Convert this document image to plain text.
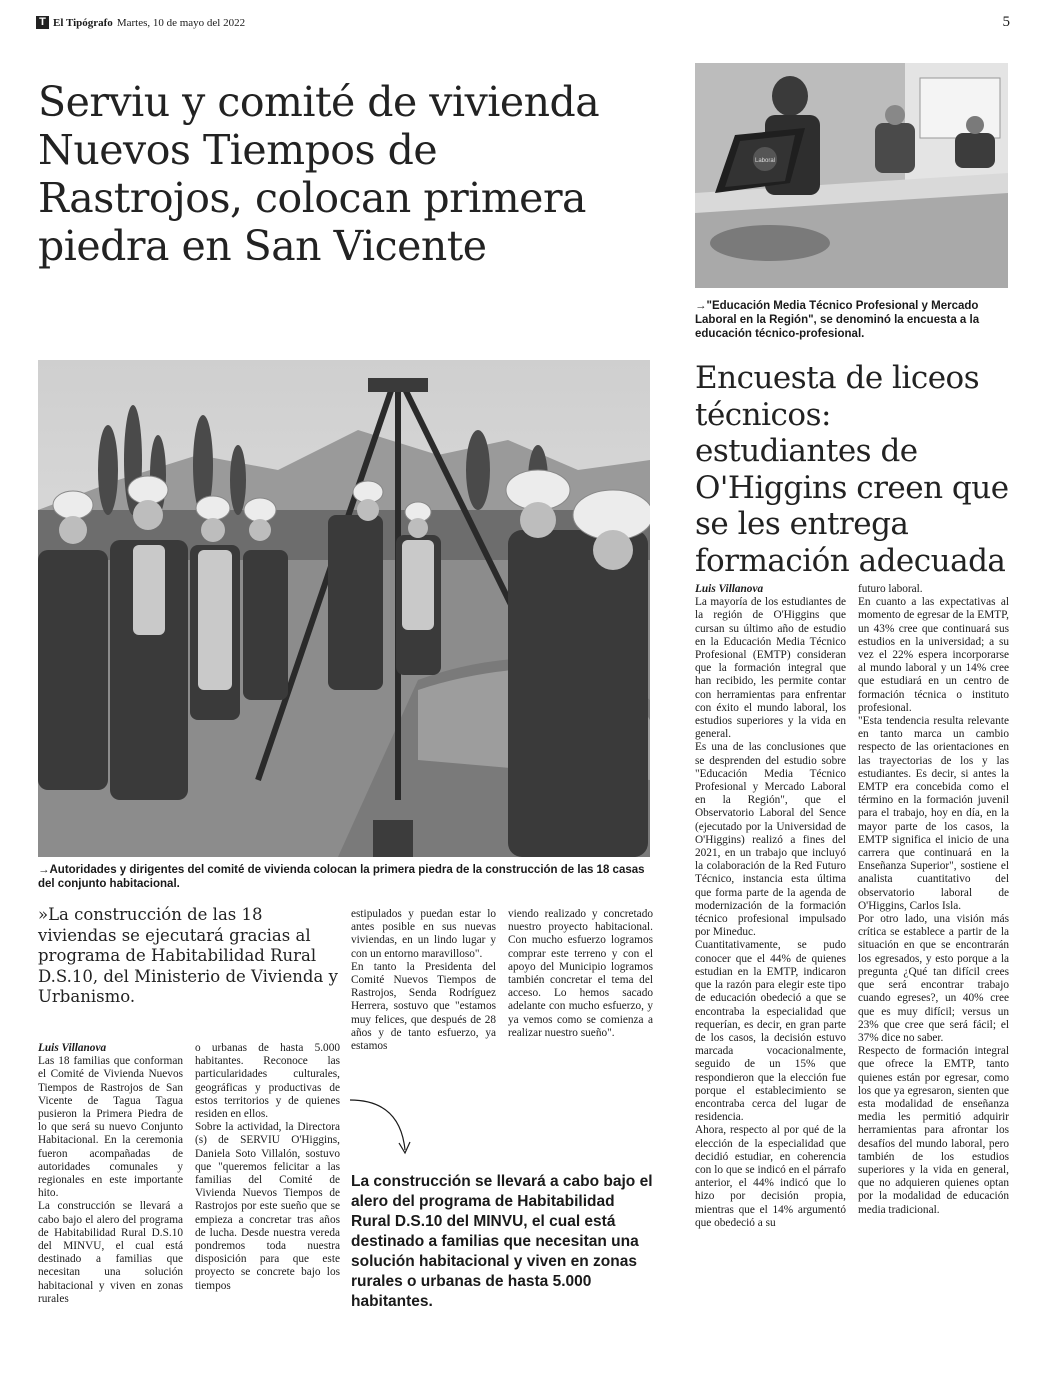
T El Tipógrafo Martes, 10 de mayo del 2022	5
Serviu y comité de vivienda Nuevos Tiempos de Rastrojos, colocan primera piedra en San Vicente
→Autoridades y dirigentes del comité de vivienda colocan la primera piedra de la construcción de las 18 casas del conjunto habitacional.
»La construcción de las 18 viviendas se ejecutará gracias al programa de Habitabilidad Rural D.S.10, del Ministerio de Vivienda y Urbanismo.

Luis Villanova

Las 18 familias que conforman el Comité de Vivienda Nuevos Tiempos de Rastrojos de San Vicente de Tagua Tagua pusieron la Primera Piedra de lo que será su nuevo Conjunto Habitacional. En la ceremonia fueron acompañadas de autoridades comunales y regionales en este importante hito.

La construcción se llevará a cabo bajo el alero del programa de Habitabilidad Rural D.S.10 del MINVU, el cual está destinado a familias que necesitan una solución habitacional y viven en zonas rurales

o urbanas de hasta 5.000 habitantes. Reconoce las particularidades culturales, geográficas y productivas de estos territorios y de quienes residen en ellos.

Sobre la actividad, la Directora (s) de SERVIU O'Higgins, Daniela Soto Villalón, sostuvo que "queremos felicitar a las familias del Comité de Vivienda Nuevos Tiempos de Rastrojos por este sueño que se empieza a concretar tras años de lucha. Desde nuestra vereda pondremos toda nuestra disposición para que este proyecto se concrete bajo los tiempos

estipulados y puedan estar lo antes posible en sus nuevas viviendas, en un lindo lugar y con un entorno maravilloso".

En tanto la Presidenta del Comité Nuevos Tiempos de Rastrojos, Senda Rodríguez Herrera, sostuvo que "estamos muy felices, que después de 28 años y de tanto esfuerzo, ya estamos

viendo realizado y concretado nuestro proyecto habitacional. Con mucho esfuerzo logramos comprar este terreno y con el apoyo del Municipio logramos también concretar el tema del acceso. Lo hemos sacado adelante con mucho esfuerzo, y ya vemos como se comienza a realizar nuestro sueño".

La construcción se llevará a cabo bajo el alero del programa de Habitabilidad Rural D.S.10 del MINVU, el cual está destinado a familias que necesitan una solución habitacional y viven en zonas rurales o urbanas de hasta 5.000 habitantes.
Laboral
→"Educación Media Técnico Profesional y Mercado Laboral en la Región", se denominó la encuesta a la educación técnico-profesional.
Encuesta de liceos técnicos: estudiantes de O'Higgins creen que se les entrega formación adecuada

Luis Villanova

La mayoría de los estudiantes de la región de O'Higgins que cursan su último año de estudio en la Educación Media Técnico Profesional (EMTP) consideran que la formación integral que han recibido, les permite contar con herramientas para enfrentar con éxito el mundo laboral, los estudios superiores y la vida en general.

Es una de las conclusiones que se desprenden del estudio sobre "Educación Media Técnico Profesional y Mercado Laboral en la Región", que el Observatorio Laboral del Sence (ejecutado por la Universidad de O'Higgins) realizó a fines del 2021, en un trabajo que incluyó la colaboración de la Red Futuro Técnico, instancia esta última que forma parte de la agenda de modernización de la formación técnico profesional impulsado por Mineduc.

Cuantitativamente, se pudo conocer que el 44% de quienes estudian en la EMTP, indicaron que la razón para elegir este tipo de educación obedeció a que se encontraba la especialidad que requerían, es decir, en gran parte de los casos, la decisión estuvo marcada vocacionalmente, seguido de un 15% que respondieron que la elección fue porque el establecimiento se encontraba cerca del lugar de residencia.

Ahora, respecto al por qué de la elección de la especialidad que decidió estudiar, en coherencia con lo que se indicó en el párrafo anterior, el 44% indicó que lo hizo por decisión propia, mientras que el 14% argumentó que obedeció a su

futuro laboral.

En cuanto a las expectativas al momento de egresar de la EMTP, un 43% cree que continuará sus estudios en la universidad; a su vez el 22% espera incorporarse al mundo laboral y un 14% cree que estudiará en un centro de formación técnica o instituto profesional.

"Esta tendencia resulta relevante en tanto marca un cambio respecto de las orientaciones en las trayectorias de los y las estudiantes. Es decir, si antes la EMTP era concebida como el término en la formación juvenil para el trabajo, hoy en día, en la mayor parte de los casos, la EMTP significa el inicio de una carrera que continuará en la Enseñanza Superior", sostiene el analista cuantitativo del observatorio laboral de O'Higgins, Carlos Isla.

Por otro lado, una visión más crítica se establece a partir de la situación en que se encontrarán los egresados, y esto porque a la pregunta ¿Qué tan difícil crees que será encontrar trabajo cuando egreses?, un 40% cree que es muy difícil; versus un 23% que cree que será fácil; el 37% dice no saber.

Respecto de formación integral que ofrece la EMTP, tanto quienes están por egresar, como los que ya egresaron, sienten que esta modalidad de enseñanza media les permitió adquirir herramientas para afrontar los desafíos del mundo laboral, pero también de los estudios superiores y la vida en general, que no adquieren quienes optan por la modalidad de educación media tradicional.
